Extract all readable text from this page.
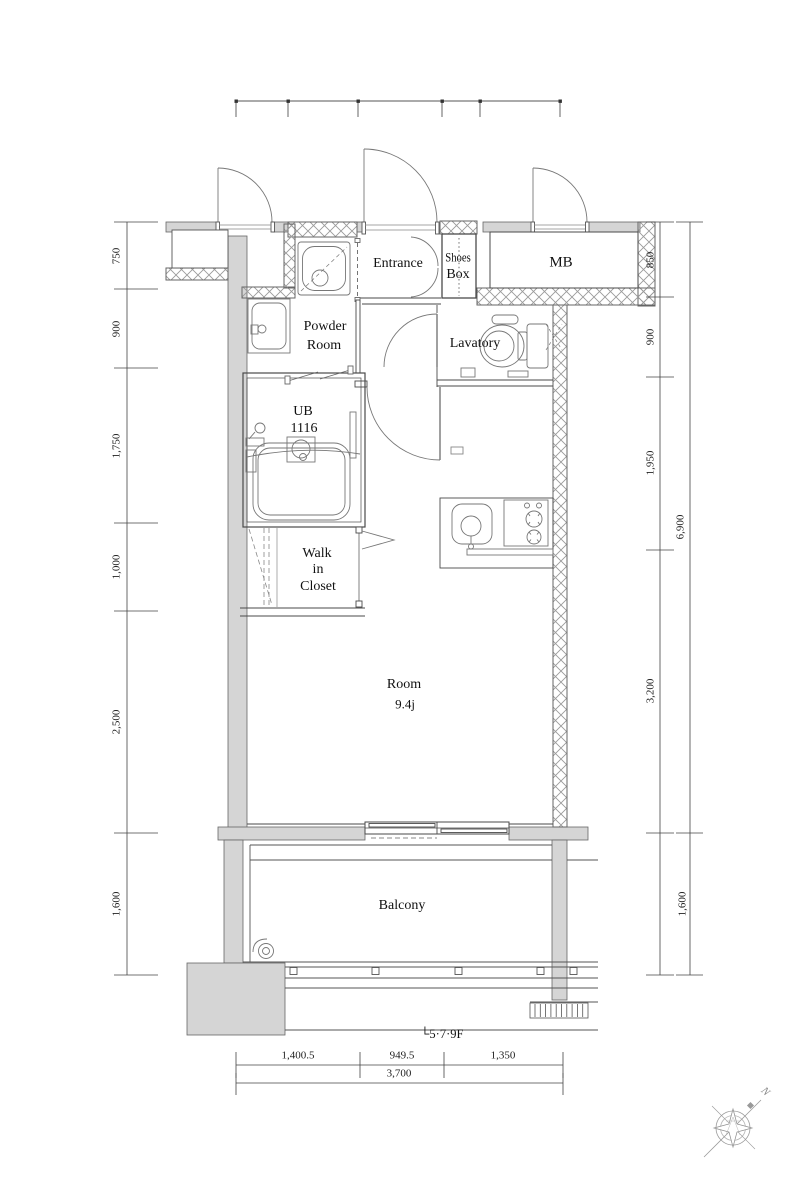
Entrance Shoes
Box
MB
Powder
Room	Lavatory
UB
1116
Walk
in
Closet
Room
9.4j
Balcony
└5·7·9F
N
750
900
1,750
1,000
2,500
1,600
850
900
1,950
3,200
1,600
6,900
1,400.5	949.5	1,350
3,700
